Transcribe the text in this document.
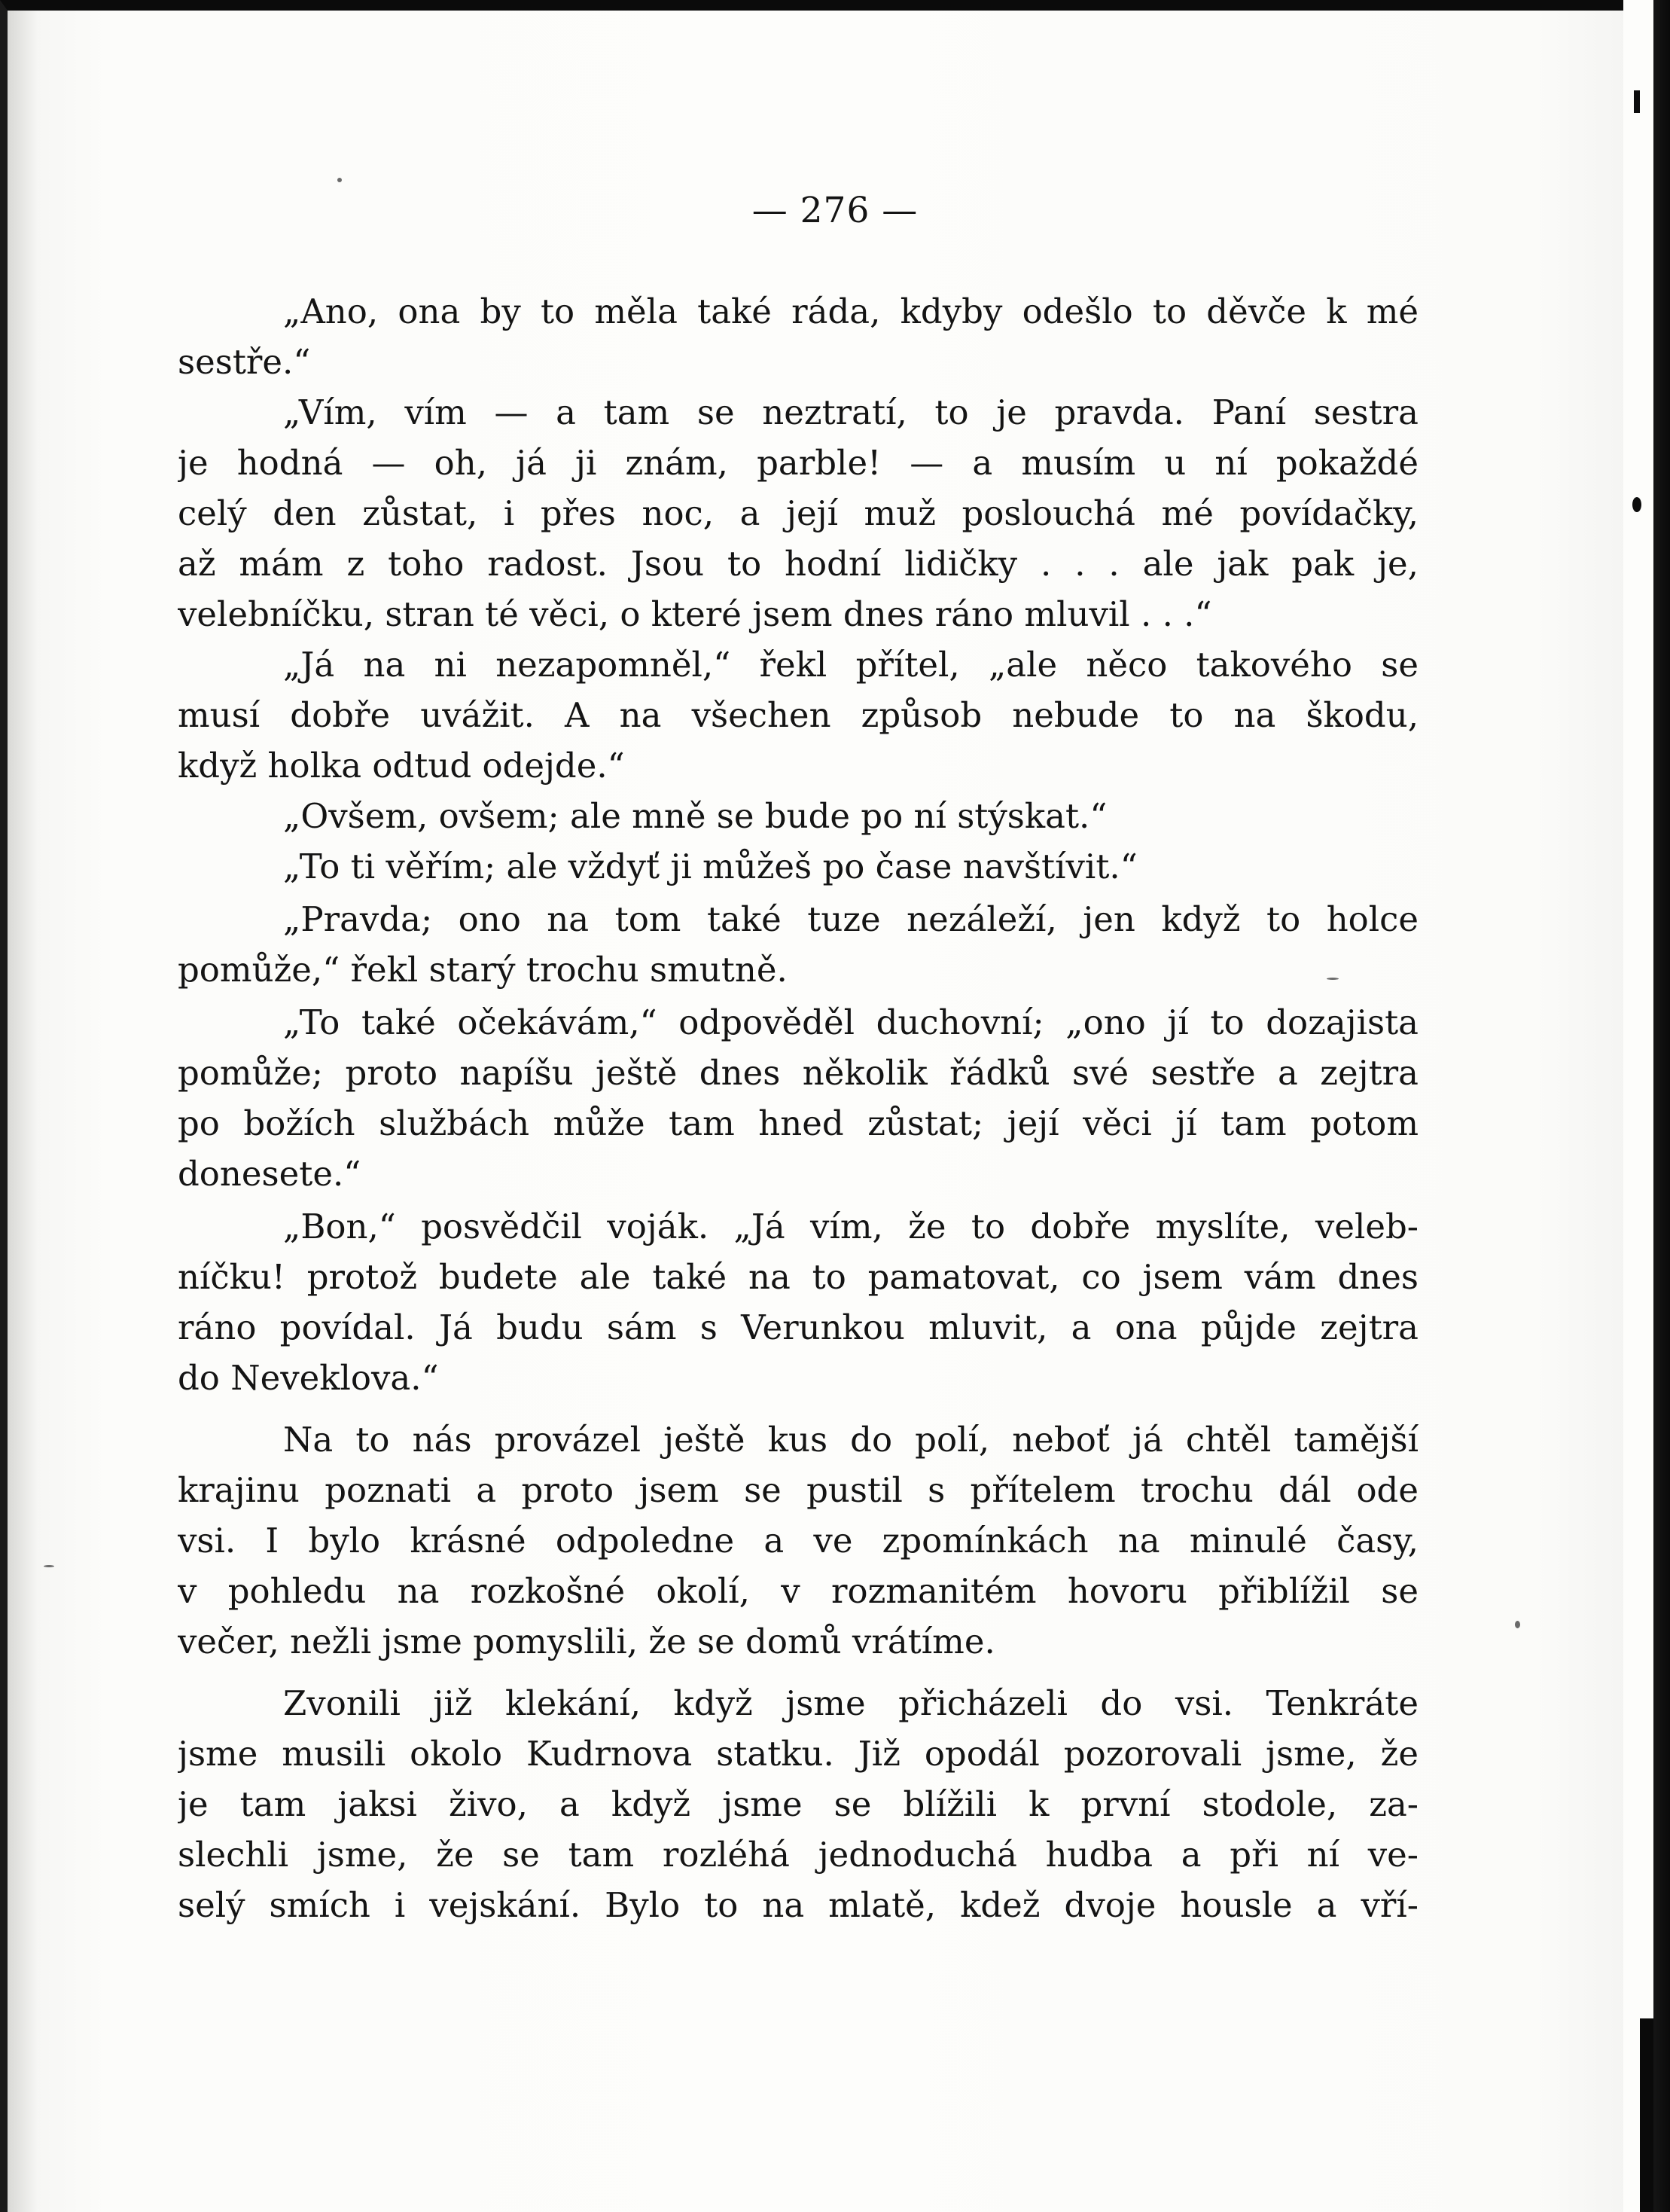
— 276 —
„Ano, ona by to měla také ráda, kdyby odešlo to děvče k mé
sestře.“
„Vím, vím — a tam se neztratí, to je pravda. Paní sestra
je hodná — oh, já ji znám, parble! — a musím u ní pokaždé
celý den zůstat, i přes noc, a její muž poslouchá mé povídačky,
až mám z toho radost. Jsou to hodní lidičky . . . ale jak pak je,
velebníčku, stran té věci, o které jsem dnes ráno mluvil . . .“
„Já na ni nezapomněl,“ řekl přítel, „ale něco takového se
musí dobře uvážit. A na všechen způsob nebude to na škodu,
když holka odtud odejde.“
„Ovšem, ovšem; ale mně se bude po ní stýskat.“
„To ti věřím; ale vždyť ji můžeš po čase navštívit.“
„Pravda; ono na tom také tuze nezáleží, jen když to holce
pomůže,“ řekl starý trochu smutně.
„To také očekávám,“ odpověděl duchovní; „ono jí to dozajista
pomůže; proto napíšu ještě dnes několik řádků své sestře a zejtra
po božích službách může tam hned zůstat; její věci jí tam potom
donesete.“
„Bon,“ posvědčil voják. „Já vím, že to dobře myslíte, veleb-
níčku! protož budete ale také na to pamatovat, co jsem vám dnes
ráno povídal. Já budu sám s Verunkou mluvit, a ona půjde zejtra
do Neveklova.“
Na to nás provázel ještě kus do polí, neboť já chtěl tamější
krajinu poznati a proto jsem se pustil s přítelem trochu dál ode
vsi. I bylo krásné odpoledne a ve zpomínkách na minulé časy,
v pohledu na rozkošné okolí, v rozmanitém hovoru přiblížil se
večer, nežli jsme pomyslili, že se domů vrátíme.
Zvonili již klekání, když jsme přicházeli do vsi. Tenkráte
jsme musili okolo Kudrnova statku. Již opodál pozorovali jsme, že
je tam jaksi živo, a když jsme se blížili k první stodole, za-
slechli jsme, že se tam rozléhá jednoduchá hudba a při ní ve-
selý smích i vejskání. Bylo to na mlatě, kdež dvoje housle a vří-
